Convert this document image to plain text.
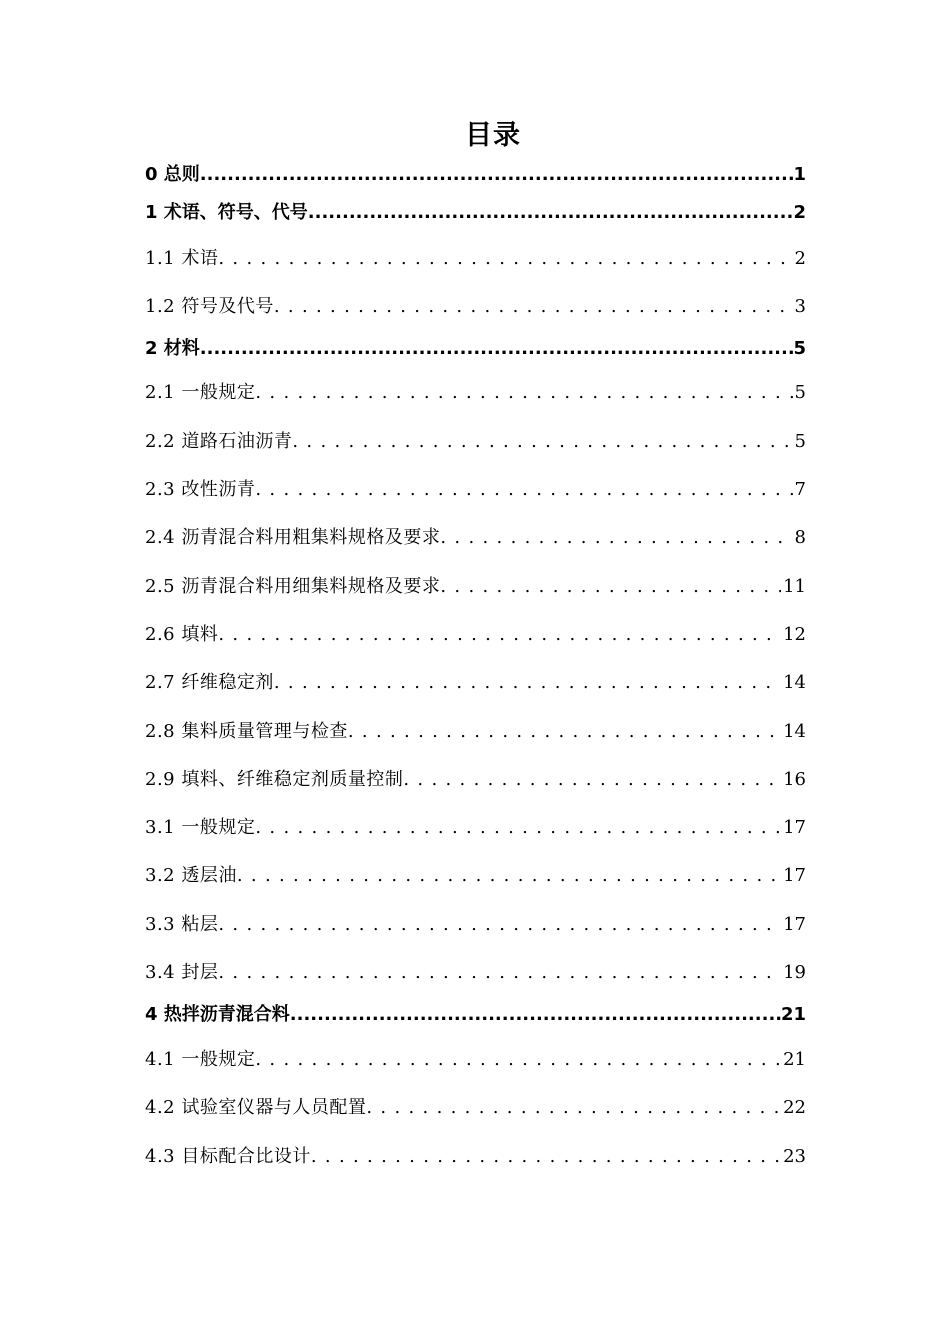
目录
0 总则 .....	1
1 术语、符号、代号 .....	2
1.1 术语 . . .	2
1.2 符号及代号 . . .	3
2 材料 .....	5
2.1 一般规定 . . .	5
2.2 道路石油沥青 . . .	5
2.3 改性沥青 . . .	7
2.4 沥青混合料用粗集料规格及要求 . . .	8
2.5 沥青混合料用细集料规格及要求 . . .	11
2.6 填料 . . .	12
2.7 纤维稳定剂 . . .	14
2.8 集料质量管理与检查 . . .	14
2.9 填料、纤维稳定剂质量控制 . . .	16
3.1 一般规定 . . .	17
3.2 透层油 . . .	17
3.3 粘层 . . .	17
3.4 封层 . . .	19
4 热拌沥青混合料 .....	21
4.1 一般规定 . . .	21
4.2 试验室仪器与人员配置 . . .	22
4.3 目标配合比设计 . . .	23
